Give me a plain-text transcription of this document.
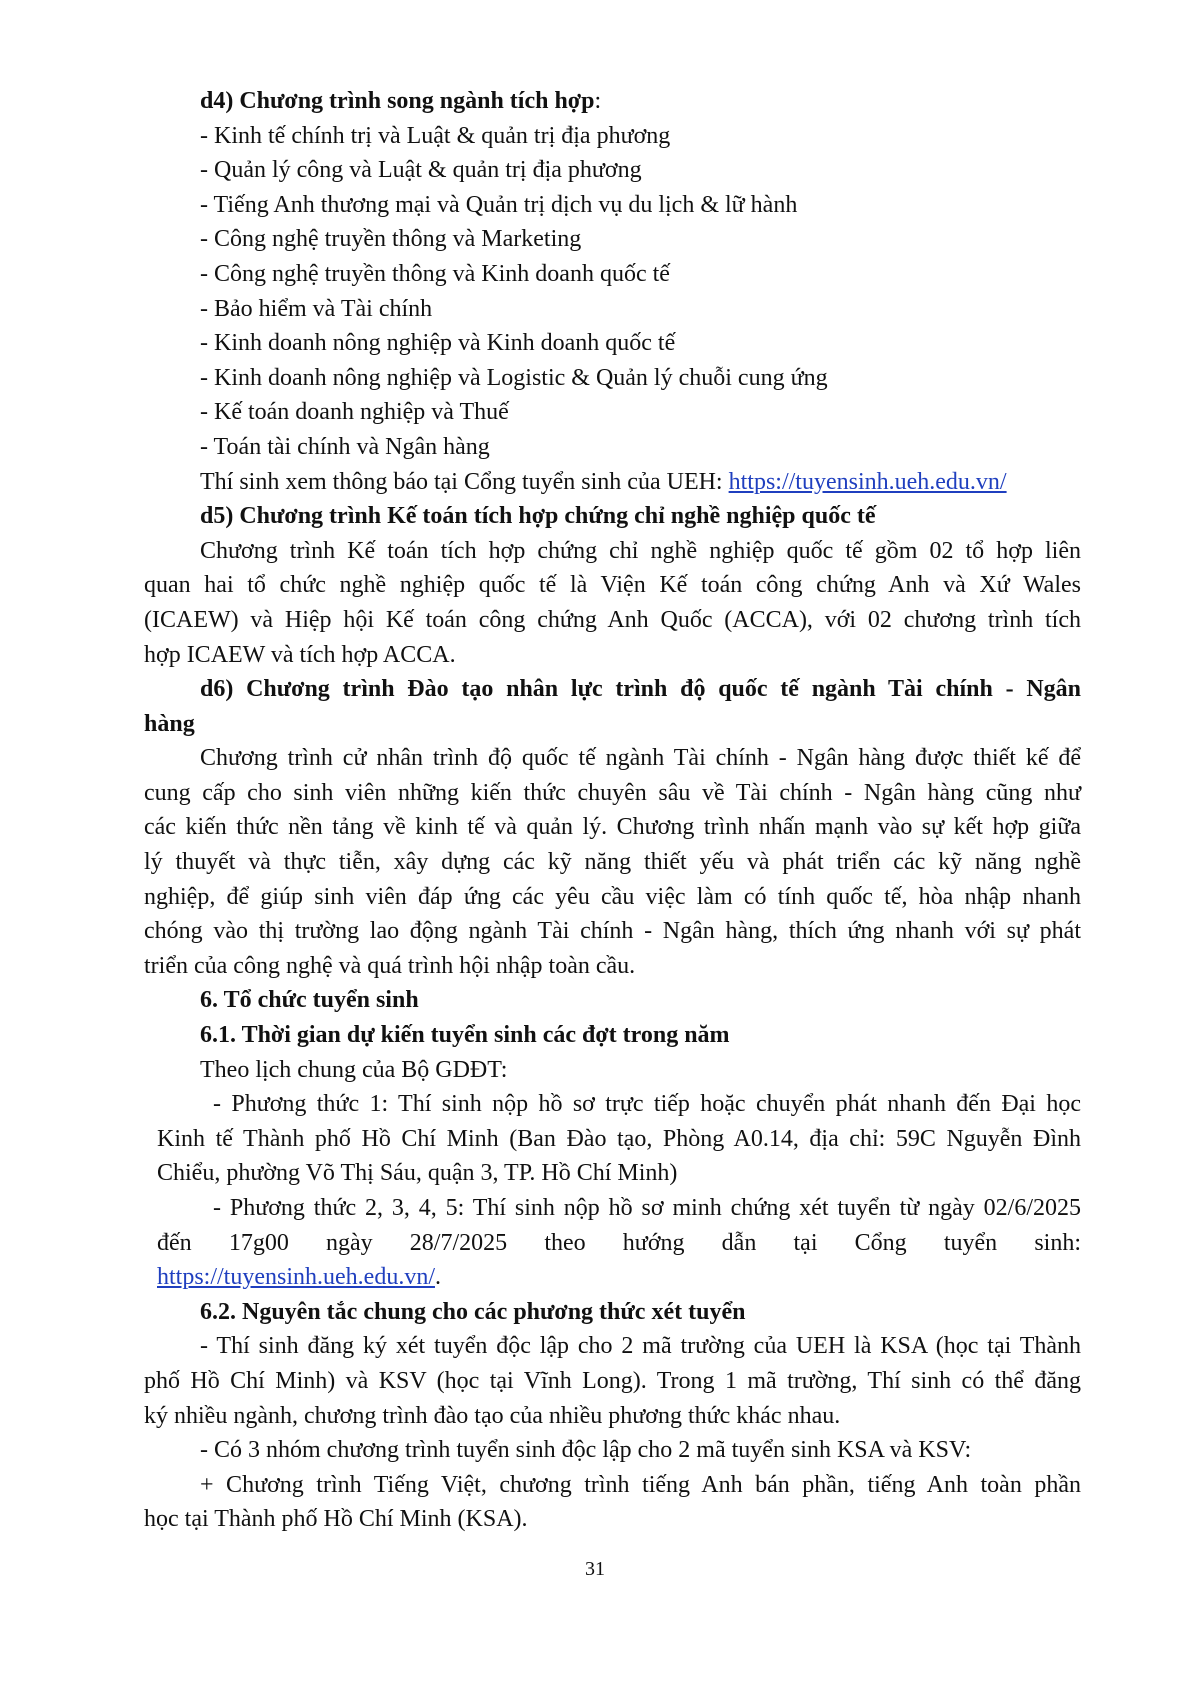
d4) Chương trình song ngành tích hợp:
- Kinh tế chính trị và Luật & quản trị địa phương
- Quản lý công và Luật & quản trị địa phương
- Tiếng Anh thương mại và Quản trị dịch vụ du lịch & lữ hành
- Công nghệ truyền thông và Marketing
- Công nghệ truyền thông và Kinh doanh quốc tế
- Bảo hiểm và Tài chính
- Kinh doanh nông nghiệp và Kinh doanh quốc tế
- Kinh doanh nông nghiệp và Logistic & Quản lý chuỗi cung ứng
- Kế toán doanh nghiệp và Thuế
- Toán tài chính và Ngân hàng
Thí sinh xem thông báo tại Cổng tuyển sinh của UEH: https://tuyensinh.ueh.edu.vn/
d5) Chương trình Kế toán tích hợp chứng chỉ nghề nghiệp quốc tế
Chương trình Kế toán tích hợp chứng chỉ nghề nghiệp quốc tế gồm 02 tổ hợp liên
quan hai tổ chức nghề nghiệp quốc tế là Viện Kế toán công chứng Anh và Xứ Wales
(ICAEW) và Hiệp hội Kế toán công chứng Anh Quốc (ACCA), với 02 chương trình tích
hợp ICAEW và tích hợp ACCA.
d6) Chương trình Đào tạo nhân lực trình độ quốc tế ngành Tài chính - Ngân
hàng
Chương trình cử nhân trình độ quốc tế ngành Tài chính - Ngân hàng được thiết kế để
cung cấp cho sinh viên những kiến thức chuyên sâu về Tài chính - Ngân hàng cũng như
các kiến thức nền tảng về kinh tế và quản lý. Chương trình nhấn mạnh vào sự kết hợp giữa
lý thuyết và thực tiễn, xây dựng các kỹ năng thiết yếu và phát triển các kỹ năng nghề
nghiệp, để giúp sinh viên đáp ứng các yêu cầu việc làm có tính quốc tế, hòa nhập nhanh
chóng vào thị trường lao động ngành Tài chính - Ngân hàng, thích ứng nhanh với sự phát
triển của công nghệ và quá trình hội nhập toàn cầu.
6. Tổ chức tuyển sinh
6.1. Thời gian dự kiến tuyển sinh các đợt trong năm
Theo lịch chung của Bộ GDĐT:
- Phương thức 1: Thí sinh nộp hồ sơ trực tiếp hoặc chuyển phát nhanh đến Đại học
Kinh tế Thành phố Hồ Chí Minh (Ban Đào tạo, Phòng A0.14, địa chỉ: 59C Nguyễn Đình
Chiểu, phường Võ Thị Sáu, quận 3, TP. Hồ Chí Minh)
- Phương thức 2, 3, 4, 5: Thí sinh nộp hồ sơ minh chứng xét tuyển từ ngày 02/6/2025
đến 17g00 ngày 28/7/2025 theo hướng dẫn tại Cổng tuyển sinh:
https://tuyensinh.ueh.edu.vn/.
6.2. Nguyên tắc chung cho các phương thức xét tuyển
- Thí sinh đăng ký xét tuyển độc lập cho 2 mã trường của UEH là KSA (học tại Thành
phố Hồ Chí Minh) và KSV (học tại Vĩnh Long). Trong 1 mã trường, Thí sinh có thể đăng
ký nhiều ngành, chương trình đào tạo của nhiều phương thức khác nhau.
- Có 3 nhóm chương trình tuyển sinh độc lập cho 2 mã tuyển sinh KSA và KSV:
+ Chương trình Tiếng Việt, chương trình tiếng Anh bán phần, tiếng Anh toàn phần
học tại Thành phố Hồ Chí Minh (KSA).
31
